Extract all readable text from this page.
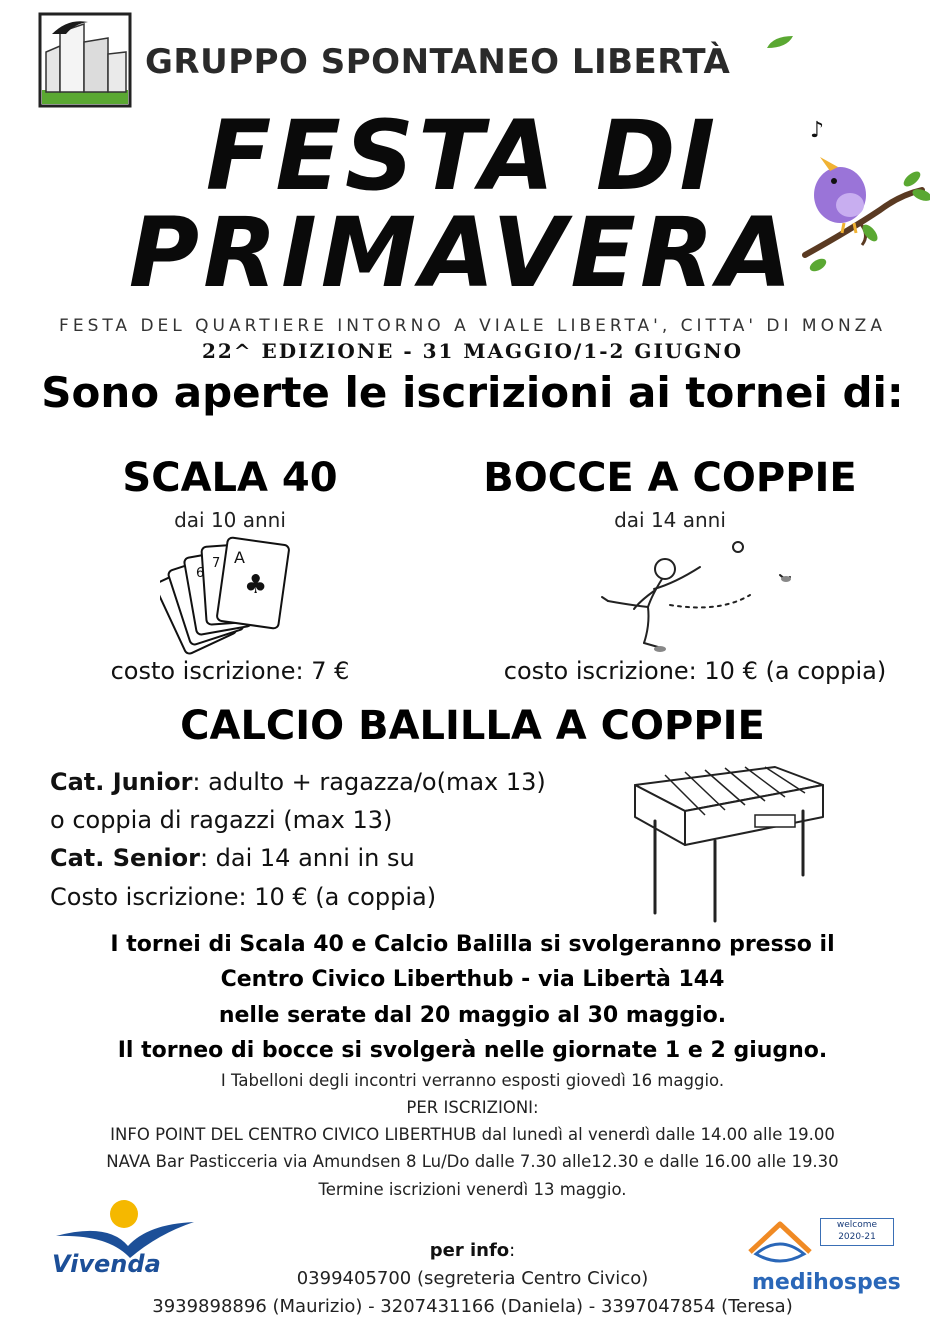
GRUPPO SPONTANEO LIBERTÀ
FESTA DI
PRIMAVERA
♪
FESTA DEL QUARTIERE INTORNO A VIALE LIBERTA', CITTA' DI MONZA
22^ EDIZIONE - 31 MAGGIO/1-2 GIUGNO
Sono aperte le iscrizioni ai tornei di:
SCALA 40
dai 10 anni
A
♣
7
6
costo iscrizione: 7 €
BOCCE A COPPIE
dai 14 anni
costo iscrizione: 10 € (a coppia)
CALCIO BALILLA A COPPIE
Cat. Junior: adulto + ragazza/o(max 13)
o coppia di ragazzi (max 13)
Cat. Senior: dai 14 anni in su
Costo iscrizione: 10 € (a coppia)
I tornei di Scala 40 e Calcio Balilla si svolgeranno presso il
Centro Civico Liberthub - via Libertà 144
nelle serate dal 20 maggio al 30 maggio.
Il torneo di bocce si svolgerà nelle giornate 1 e 2 giugno.
I Tabelloni degli incontri verranno esposti giovedì 16 maggio.
PER ISCRIZIONI:
INFO POINT DEL CENTRO CIVICO LIBERTHUB dal lunedì al venerdì dalle 14.00 alle 19.00
NAVA Bar Pasticceria via Amundsen 8 Lu/Do dalle 7.30 alle12.30 e dalle 16.00 alle 19.30
Termine iscrizioni venerdì 13 maggio.
Vivenda	per info:
0399405700 (segreteria Centro Civico)
3939898896 (Maurizio) - 3207431166 (Daniela) - 3397047854 (Teresa)
welcome
2020-21
medihospes
